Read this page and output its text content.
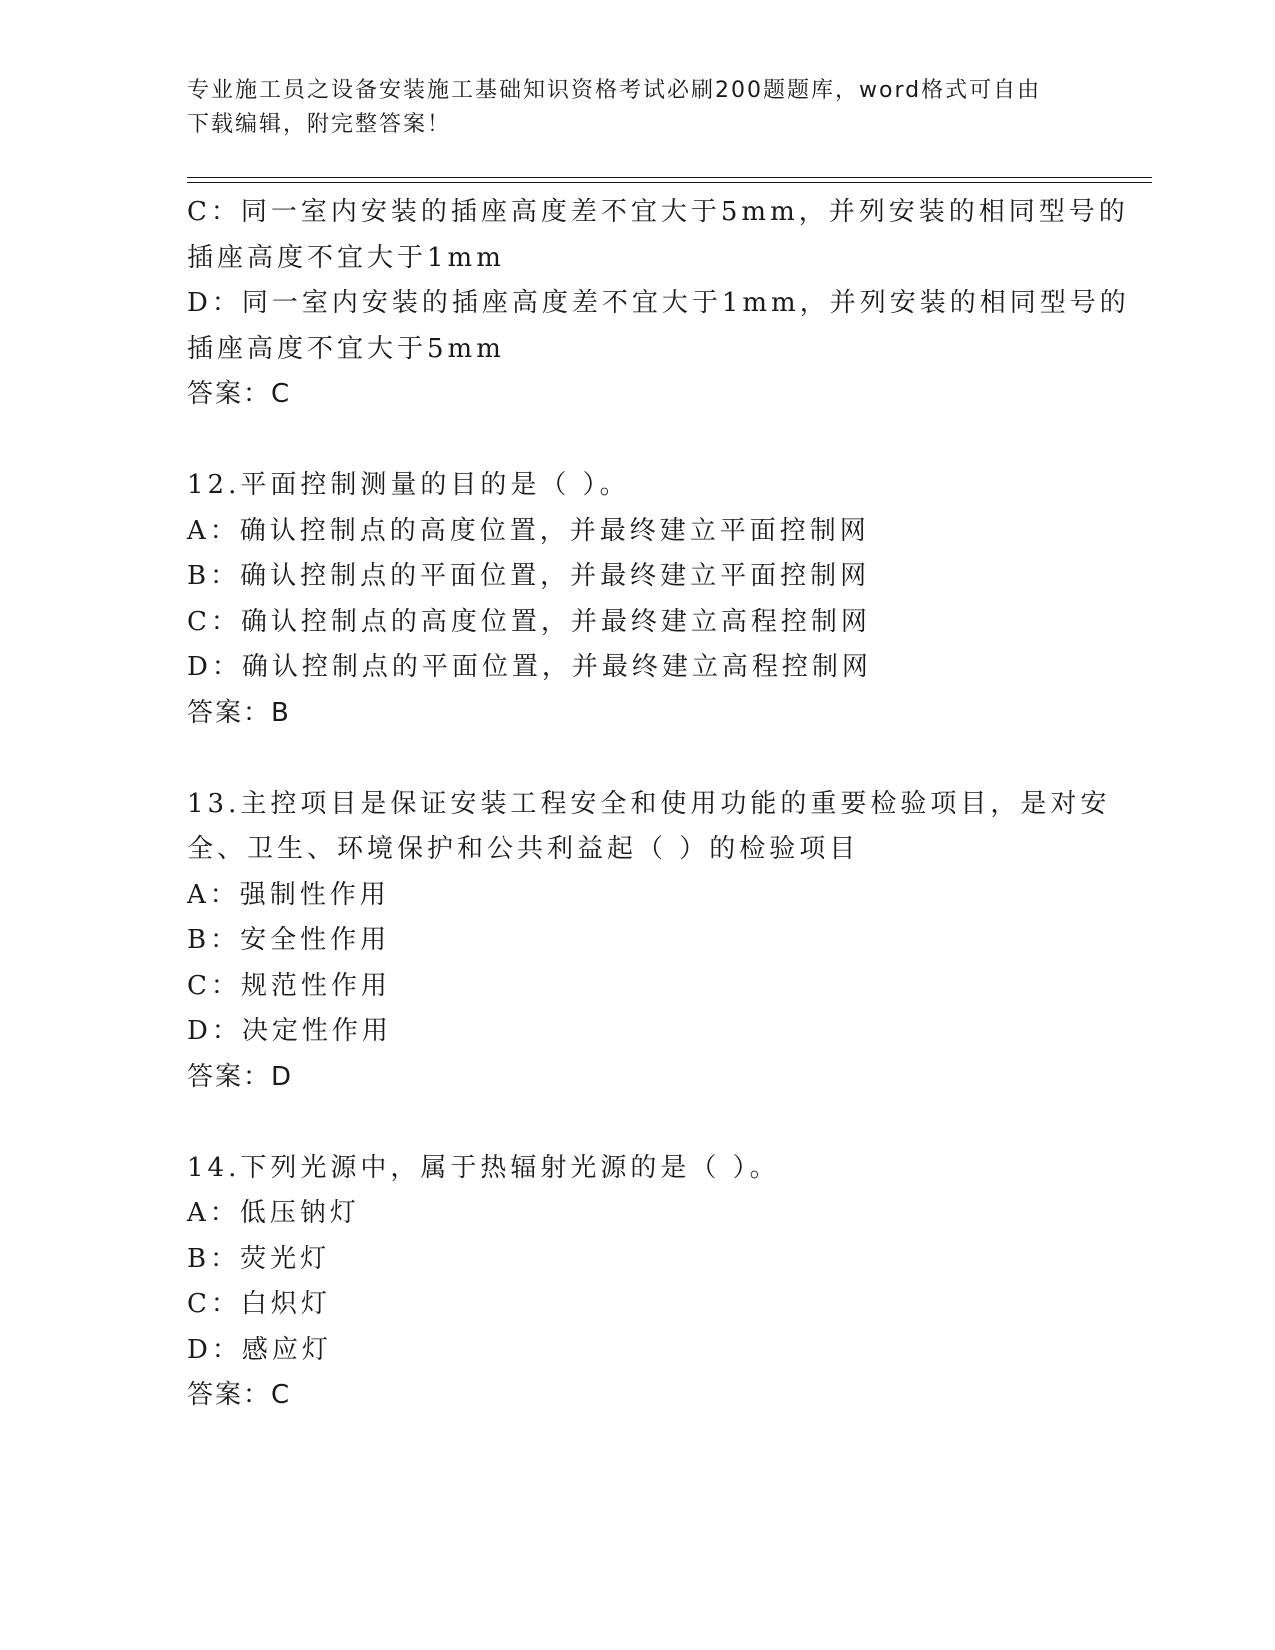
专业施工员之设备安装施工基础知识资格考试必刷200题题库，word格式可自由
下载编辑，附完整答案！
C：同一室内安装的插座高度差不宜大于5mm，并列安装的相同型号的
插座高度不宜大于1mm
D：同一室内安装的插座高度差不宜大于1mm，并列安装的相同型号的
插座高度不宜大于5mm
答案：C
12.平面控制测量的目的是（ ）。
A：确认控制点的高度位置，并最终建立平面控制网
B：确认控制点的平面位置，并最终建立平面控制网
C：确认控制点的高度位置，并最终建立高程控制网
D：确认控制点的平面位置，并最终建立高程控制网
答案：B
13.主控项目是保证安装工程安全和使用功能的重要检验项目，是对安
全、卫生、环境保护和公共利益起（ ）的检验项目
A：强制性作用
B：安全性作用
C：规范性作用
D：决定性作用
答案：D
14.下列光源中，属于热辐射光源的是（ ）。
A：低压钠灯
B：荧光灯
C：白炽灯
D：感应灯
答案：C
